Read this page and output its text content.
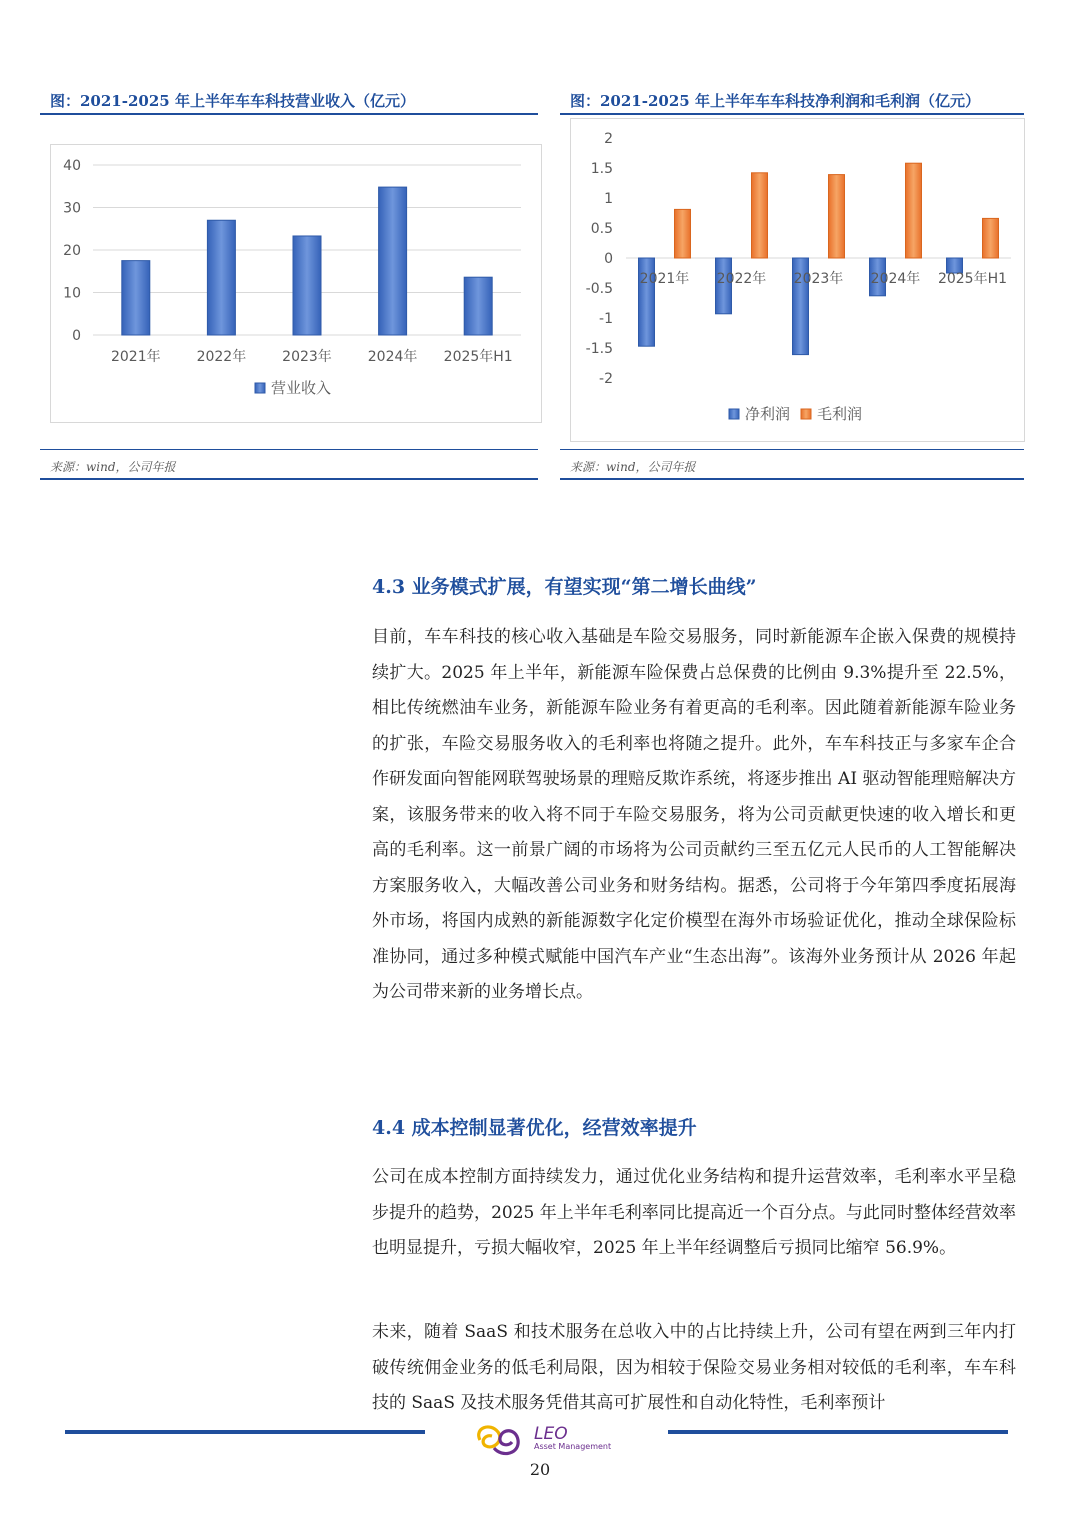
图：2021-2025 年上半年车车科技营业收入（亿元）	图：2021-2025 年上半年车车科技净利润和毛利润（亿元）
0
10
20
30
40
2021年	2022年	2023年	2024年 2025年H1
营业收入
2
1.5
1
0.5
0
-0.5
-1
-1.5
-2
2021年 2022年 2023年 2024年 2025年H1
净利润 毛利润
来源：wind，公司年报	来源：wind，公司年报
4.3 业务模式扩展，有望实现“第二增长曲线”

目前，车车科技的核心收入基础是车险交易服务，同时新能源车企嵌入保费的规模持续扩大。2025 年上半年，新能源车险保费占总保费的比例由 9.3%提升至 22.5%，相比传统燃油车业务，新能源车险业务有着更高的毛利率。因此随着新能源车险业务的扩张，车险交易服务收入的毛利率也将随之提升。此外，车车科技正与多家车企合作研发面向智能网联驾驶场景的理赔反欺诈系统，将逐步推出 AI 驱动智能理赔解决方案，该服务带来的收入将不同于车险交易服务，将为公司贡献更快速的收入增长和更高的毛利率。这一前景广阔的市场将为公司贡献约三至五亿元人民币的人工智能解决方案服务收入，大幅改善公司业务和财务结构。据悉，公司将于今年第四季度拓展海外市场，将国内成熟的新能源数字化定价模型在海外市场验证优化，推动全球保险标准协同，通过多种模式赋能中国汽车产业“生态出海”。该海外业务预计从 2026 年起为公司带来新的业务增长点。

4.4 成本控制显著优化，经营效率提升

公司在成本控制方面持续发力，通过优化业务结构和提升运营效率，毛利率水平呈稳步提升的趋势，2025 年上半年毛利率同比提高近一个百分点。与此同时整体经营效率也明显提升，亏损大幅收窄，2025 年上半年经调整后亏损同比缩窄 56.9%。

未来，随着 SaaS 和技术服务在总收入中的占比持续上升，公司有望在两到三年内打破传统佣金业务的低毛利局限，因为相较于保险交易业务相对较低的毛利率，车车科技的 SaaS 及技术服务凭借其高可扩展性和自动化特性，毛利率预计

LEO
Asset Management
20
